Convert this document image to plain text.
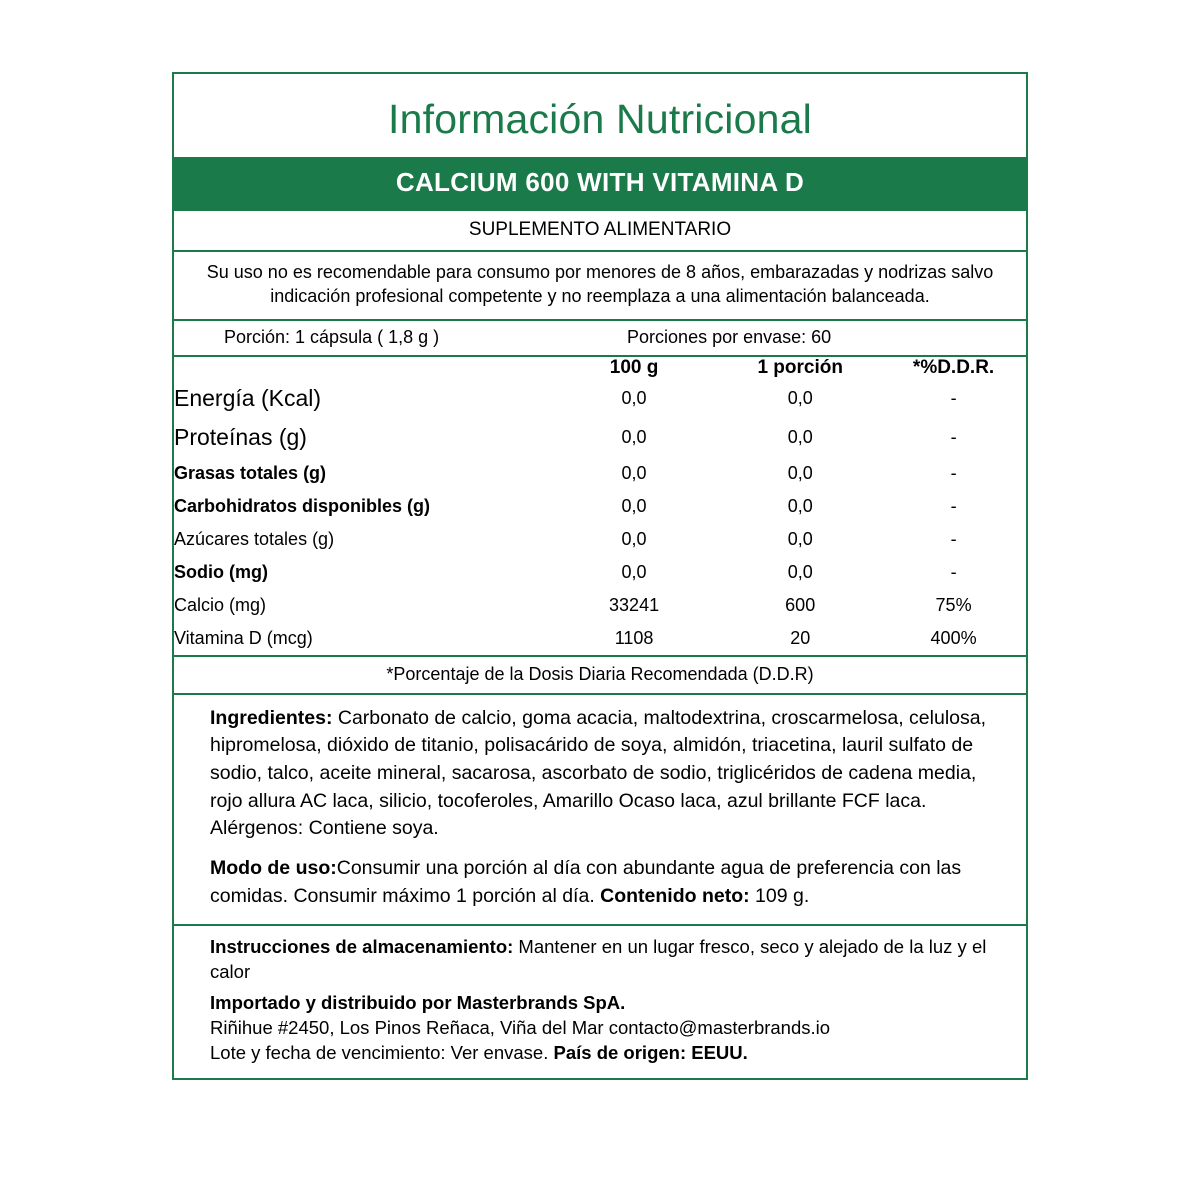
Información Nutricional
CALCIUM 600 WITH VITAMINA D
SUPLEMENTO ALIMENTARIO
Su uso no es recomendable para consumo por menores de 8 años, embarazadas y nodrizas salvo indicación profesional competente y no reemplaza a una alimentación balanceada.
Porción: 1 cápsula ( 1,8 g )	Porciones por envase: 60
	100 g	1 porción	*%D.D.R.
Energía (Kcal)	0,0	0,0	-
Proteínas (g)	0,0	0,0	-
Grasas totales (g)	0,0	0,0	-
Carbohidratos disponibles (g)	0,0	0,0	-
Azúcares totales (g)	0,0	0,0	-
Sodio (mg)	0,0	0,0	-
Calcio (mg)	33241	600	75%
Vitamina D (mcg)	1108	20	400%
*Porcentaje de la Dosis Diaria Recomendada (D.D.R)
Ingredientes: Carbonato de calcio, goma acacia, maltodextrina, croscarmelosa, celulosa, hipromelosa, dióxido de titanio, polisacárido de soya, almidón, triacetina, lauril sulfato de sodio, talco, aceite mineral, sacarosa, ascorbato de sodio, triglicéridos de cadena media, rojo allura AC laca, silicio, tocoferoles, Amarillo Ocaso laca, azul brillante FCF laca. Alérgenos: Contiene soya.
Modo de uso:Consumir una porción al día con abundante agua de preferencia con las comidas. Consumir máximo 1 porción al día. Contenido neto: 109 g.
Instrucciones de almacenamiento: Mantener en un lugar fresco, seco y alejado de la luz y el calor
Importado y distribuido por Masterbrands SpA.
Riñihue #2450, Los Pinos Reñaca, Viña del Mar contacto@masterbrands.io
Lote y fecha de vencimiento: Ver envase. País de origen: EEUU.
